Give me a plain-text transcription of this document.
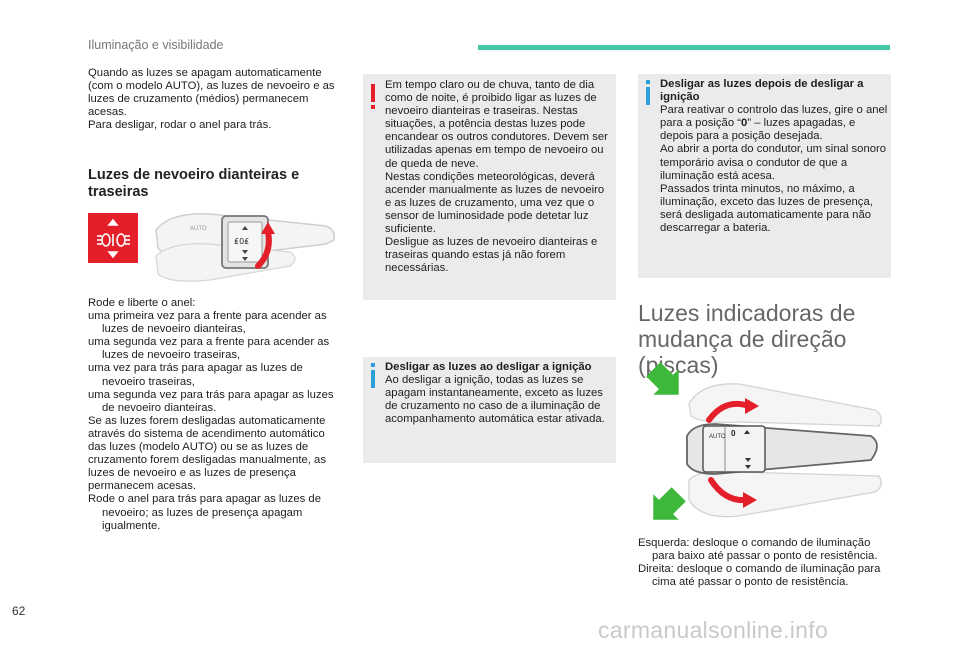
Iluminação e visibilidade

Quando as luzes se apagam automaticamente (com o modelo AUTO), as luzes de nevoeiro e as luzes de cruzamento (médios) permanecem acesas.

Para desligar, rodar o anel para trás.

Luzes de nevoeiro dianteiras e traseiras
₤0₤
AUTO

Rode e liberte o anel:

uma primeira vez para a frente para acender as luzes de nevoeiro dianteiras,

uma segunda vez para a frente para acender as luzes de nevoeiro traseiras,

uma vez para trás para apagar as luzes de nevoeiro traseiras,

uma segunda vez para trás para apagar as luzes de nevoeiro dianteiras.

Se as luzes forem desligadas automaticamente através do sistema de acendimento automático das luzes (modelo AUTO) ou se as luzes de cruzamento forem desligadas manualmente, as luzes de nevoeiro e as luzes de presença permanecem acesas.

Rode o anel para trás para apagar as luzes de nevoeiro; as luzes de presença apagam igualmente.

Em tempo claro ou de chuva, tanto de dia como de noite, é proibido ligar as luzes de nevoeiro dianteiras e traseiras. Nestas situações, a potência destas luzes pode encandear os outros condutores. Devem ser utilizadas apenas em tempo de nevoeiro ou de queda de neve.

Nestas condições meteorológicas, deverá acender manualmente as luzes de nevoeiro e as luzes de cruzamento, uma vez que o sensor de luminosidade pode detetar luz suficiente.

Desligue as luzes de nevoeiro dianteiras e traseiras quando estas já não forem necessárias.

Desligar as luzes ao desligar a ignição

Ao desligar a ignição, todas as luzes se apagam instantaneamente, exceto as luzes de cruzamento no caso de a iluminação de acompanhamento automática estar ativada.

Desligar as luzes depois de desligar a ignição

Para reativar o controlo das luzes, gire o anel para a posição “0” – luzes apagadas, e depois para a posição desejada.

Ao abrir a porta do condutor, um sinal sonoro temporário avisa o condutor de que a iluminação está acesa.

Passados trinta minutos, no máximo, a iluminação, exceto das luzes de presença, será desligada automaticamente para não descarregar a bateria.

Luzes indicadoras de mudança de direção (piscas)
AUTO 0

Esquerda: desloque o comando de iluminação para baixo até passar o ponto de resistência.

Direita: desloque o comando de iluminação para cima até passar o ponto de resistência.

62
carmanualsonline.info
